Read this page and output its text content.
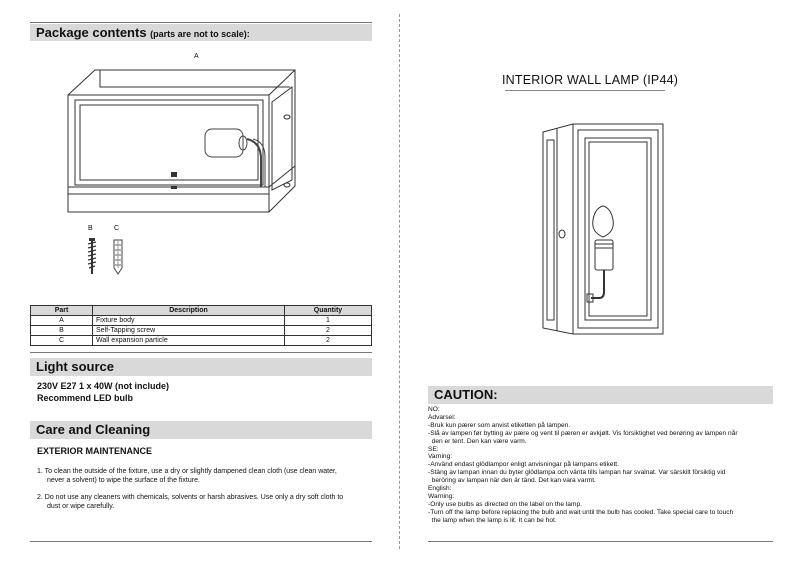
Package contents (parts are not to scale):
A
B	C
Part	Description	Quantity
A	Fixture body	1
B	Self-Tapping screw	2
C	Wall expansion particle	2
Light source
230V E27 1 x 40W (not include)
Recommend LED bulb
Care and Cleaning
EXTERIOR MAINTENANCE
1. To clean the outside of the fixture, use a dry or slightly dampened clean cloth (use clean water,
never a solvent) to wipe the surface of the fixture.
2. Do not use any cleaners with chemicals, solvents or harsh abrasives. Use only a dry soft cloth to
dust or wipe carefully.
INTERIOR WALL LAMP (IP44)
CAUTION:
NO:
Advarsel:
-Bruk kun pærer som anvist etiketten på lampen.
-Slå av lampen før bytting av pære og vent til pæren er avkjølt. Vis forsiktighet ved berøring av lampen når
den er tent. Den kan være varm.
SE:
Varning:
-Använd endast glödlampor enligt anvisningar på lampans etikett.
-Stäng av lampan innan du byter glödlampa och vänta tills lampan har svalnat. Var särskilt försiktig vid
beröring av lampan när den är tänd. Det kan vara varmt.
English:
Warning:
-Only use bulbs as directed on the label on the lamp.
-Turn off the lamp before replacing the bulb and wait until the bulb has cooled. Take special care to touch
the lamp when the lamp is lit. It can be hot.
